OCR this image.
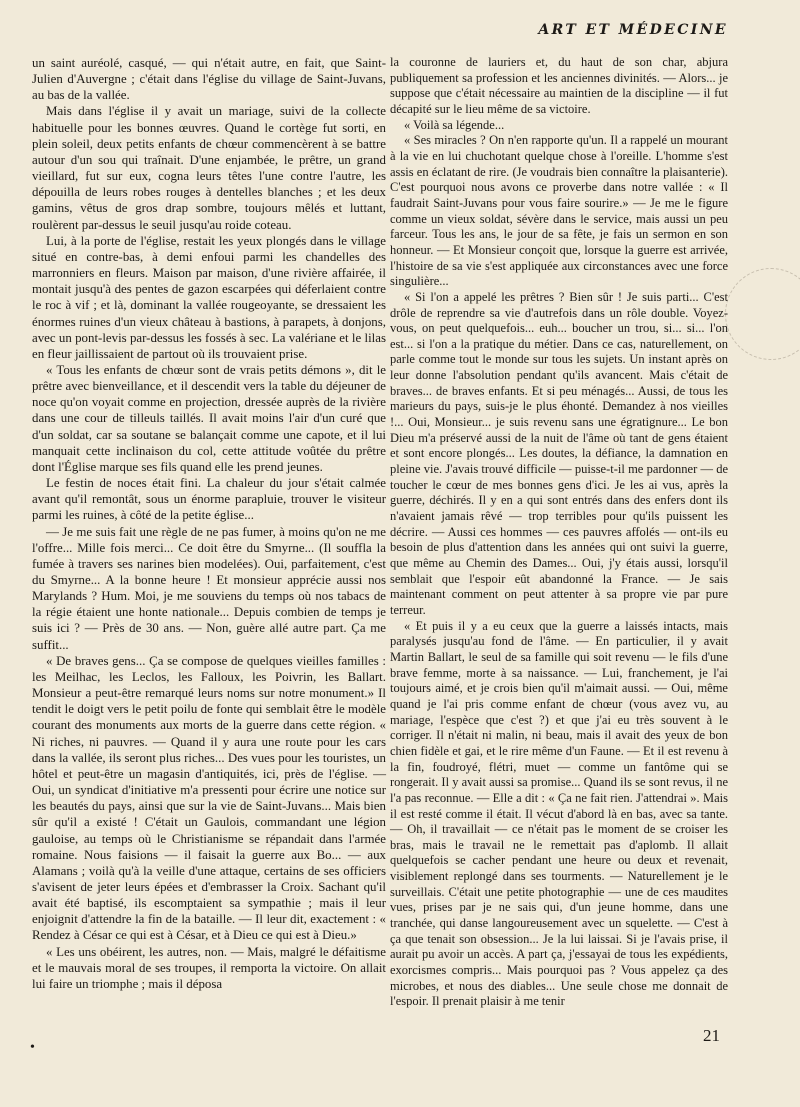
ART ET MÉDECINE

un saint auréolé, casqué, — qui n'était autre, en fait, que Saint-Julien d'Auvergne ; c'était dans l'église du village de Saint-Juvans, au bas de la vallée.

Mais dans l'église il y avait un mariage, suivi de la collecte habituelle pour les bonnes œuvres. Quand le cortège fut sorti, en plein soleil, deux petits enfants de chœur commencèrent à se battre autour d'un sou qui traînait. D'une enjambée, le prêtre, un grand vieillard, fut sur eux, cogna leurs têtes l'une contre l'autre, les dépouilla de leurs robes rouges à dentelles blanches ; et les deux gamins, vêtus de gros drap sombre, toujours mêlés et luttant, roulèrent par-dessus le seuil jusqu'au roide coteau.

Lui, à la porte de l'église, restait les yeux plongés dans le village situé en contre-bas, à demi enfoui parmi les chandelles des marronniers en fleurs. Maison par maison, d'une rivière affairée, il montait jusqu'à des pentes de gazon escarpées qui déferlaient contre le roc à vif ; et là, dominant la vallée rougeoyante, se dressaient les énormes ruines d'un vieux château à bastions, à parapets, à donjons, avec un pont-levis par-dessus les fossés à sec. La valériane et le lilas en fleur jaillissaient de partout où ils trouvaient prise.

« Tous les enfants de chœur sont de vrais petits démons », dit le prêtre avec bienveillance, et il descendit vers la table du déjeuner de noce qu'on voyait comme en projection, dressée auprès de la rivière dans une cour de tilleuls taillés. Il avait moins l'air d'un curé que d'un soldat, car sa soutane se balançait comme une capote, et il lui manquait cette inclinaison du col, cette attitude voûtée du prêtre dont l'Église marque ses fils quand elle les prend jeunes.

Le festin de noces était fini. La chaleur du jour s'était calmée avant qu'il remontât, sous un énorme parapluie, trouver le visiteur parmi les ruines, à côté de la petite église...

— Je me suis fait une règle de ne pas fumer, à moins qu'on ne me l'offre... Mille fois merci... Ce doit être du Smyrne... (Il souffla la fumée à travers ses narines bien modelées). Oui, parfaitement, c'est du Smyrne... A la bonne heure ! Et monsieur apprécie aussi nos Marylands ? Hum. Moi, je me souviens du temps où nos tabacs de la régie étaient une honte nationale... Depuis combien de temps je suis ici ? — Près de 30 ans. — Non, guère allé autre part. Ça me suffit...

« De braves gens... Ça se compose de quelques vieilles familles : les Meilhac, les Leclos, les Falloux, les Poivrin, les Ballart. Monsieur a peut-être remarqué leurs noms sur notre monument.» Il tendit le doigt vers le petit poilu de fonte qui semblait être le modèle courant des monuments aux morts de la guerre dans cette région. « Ni riches, ni pauvres. — Quand il y aura une route pour les cars dans la vallée, ils seront plus riches... Des vues pour les touristes, un hôtel et peut-être un magasin d'antiquités, ici, près de l'église. — Oui, un syndicat d'initiative m'a pressenti pour écrire une notice sur les beautés du pays, ainsi que sur la vie de Saint-Juvans... Mais bien sûr qu'il a existé ! C'était un Gaulois, commandant une légion gauloise, au temps où le Christianisme se répandait dans l'armée romaine. Nous faisions — il faisait la guerre aux Bo... — aux Alamans ; voilà qu'à la veille d'une attaque, certains de ses officiers s'avisent de jeter leurs épées et d'embrasser la Croix. Sachant qu'il avait été baptisé, ils escomptaient sa sympathie ; mais il leur enjoignit d'attendre la fin de la bataille. — Il leur dit, exactement : « Rendez à César ce qui est à César, et à Dieu ce qui est à Dieu.»

« Les uns obéirent, les autres, non. — Mais, malgré le défaitisme et le mauvais moral de ses troupes, il remporta la victoire. On allait lui faire un triomphe ; mais il déposa

la couronne de lauriers et, du haut de son char, abjura publiquement sa profession et les anciennes divinités. — Alors... je suppose que c'était nécessaire au maintien de la discipline — il fut décapité sur le lieu même de sa victoire.

« Voilà sa légende...

« Ses miracles ? On n'en rapporte qu'un. Il a rappelé un mourant à la vie en lui chuchotant quelque chose à l'oreille. L'homme s'est assis en éclatant de rire. (Je voudrais bien connaître la plaisanterie). C'est pourquoi nous avons ce proverbe dans notre vallée : « Il faudrait Saint-Juvans pour vous faire sourire.» — Je me le figure comme un vieux soldat, sévère dans le service, mais aussi un peu farceur. Tous les ans, le jour de sa fête, je fais un sermon en son honneur. — Et Monsieur conçoit que, lorsque la guerre est arrivée, l'histoire de sa vie s'est appliquée aux circonstances avec une force singulière...

« Si l'on a appelé les prêtres ? Bien sûr ! Je suis parti... C'est drôle de reprendre sa vie d'autrefois dans un rôle double. Voyez-vous, on peut quelquefois... euh... boucher un trou, si... si... l'on est... si l'on a la pratique du métier. Dans ce cas, naturellement, on parle comme tout le monde sur tous les sujets. Un instant après on leur donne l'absolution pendant qu'ils avancent. Mais c'était de braves... de braves enfants. Et si peu ménagés... Aussi, de tous les marieurs du pays, suis-je le plus éhonté. Demandez à nos vieilles !... Oui, Monsieur... je suis revenu sans une égratignure... Le bon Dieu m'a préservé aussi de la nuit de l'âme où tant de gens étaient et sont encore plongés... Les doutes, la défiance, la damnation en pleine vie. J'avais trouvé difficile — puisse-t-il me pardonner — de toucher le cœur de mes bonnes gens d'ici. Je les ai vus, après la guerre, déchirés. Il y en a qui sont entrés dans des enfers dont ils n'avaient jamais rêvé — trop terribles pour qu'ils puissent les décrire. — Aussi ces hommes — ces pauvres affolés — ont-ils eu besoin de plus d'attention dans les années qui ont suivi la guerre, que même au Chemin des Dames... Oui, j'y étais aussi, lorsqu'il semblait que l'espoir eût abandonné la France. — Je sais maintenant comment on peut attenter à sa propre vie par pure terreur.

« Et puis il y a eu ceux que la guerre a laissés intacts, mais paralysés jusqu'au fond de l'âme. — En particulier, il y avait Martin Ballart, le seul de sa famille qui soit revenu — le fils d'une brave femme, morte à sa naissance. — Lui, franchement, je l'ai toujours aimé, et je crois bien qu'il m'aimait aussi. — Oui, même quand je l'ai pris comme enfant de chœur (vous avez vu, au mariage, l'espèce que c'est ?) et que j'ai eu très souvent à le corriger. Il n'était ni malin, ni beau, mais il avait des yeux de bon chien fidèle et gai, et le rire même d'un Faune. — Et il est revenu à la fin, foudroyé, flétri, muet — comme un fantôme qui se rongerait. Il y avait aussi sa promise... Quand ils se sont revus, il ne l'a pas reconnue. — Elle a dit : « Ça ne fait rien. J'attendrai ». Mais il est resté comme il était. Il vécut d'abord là en bas, avec sa tante. — Oh, il travaillait — ce n'était pas le moment de se croiser les bras, mais le travail ne le remettait pas d'aplomb. Il allait quelquefois se cacher pendant une heure ou deux et revenait, visiblement replongé dans ses tourments. — Naturellement je le surveillais. C'était une petite photographie — une de ces maudites vues, prises par je ne sais qui, d'un jeune homme, dans une tranchée, qui danse langoureusement avec un squelette. — C'est à ça que tenait son obsession... Je la lui laissai. Si je l'avais prise, il aurait pu avoir un accès. A part ça, j'essayai de tous les expédients, exorcismes compris... Mais pourquoi pas ? Vous appelez ça des microbes, et nous des diables... Une seule chose me donnait de l'espoir. Il prenait plaisir à me tenir

•
21
